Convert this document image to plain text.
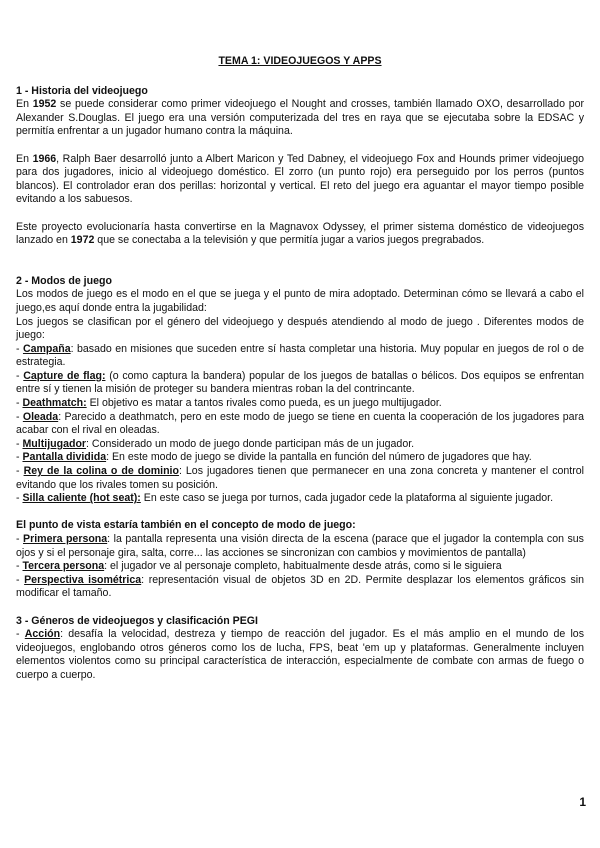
TEMA 1: VIDEOJUEGOS Y APPS
1 - Historia del videojuego

En 1952 se puede considerar como primer videojuego el Nought and crosses, también llamado OXO, desarrollado por Alexander S.Douglas. El juego era una versión computerizada del tres en raya que se ejecutaba sobre la EDSAC y permitía enfrentar a un jugador humano contra la máquina.

En 1966, Ralph Baer desarrolló junto a Albert Maricon y Ted Dabney, el videojuego Fox and Hounds primer videojuego para dos jugadores, inicio al videojuego doméstico. El zorro (un punto rojo) era perseguido por los perros (puntos blancos). El controlador eran dos perillas: horizontal y vertical. El reto del juego era aguantar el mayor tiempo posible evitando a los sabuesos.

Este proyecto evolucionaría hasta convertirse en la Magnavox Odyssey, el primer sistema doméstico de videojuegos lanzado en 1972 que se conectaba a la televisión y que permitía jugar a varios juegos pregrabados.

2 - Modos de juego

Los modos de juego es el modo en el que se juega y el punto de mira adoptado. Determinan cómo se llevará a cabo el juego,es aquí donde entra la jugabilidad:

Los juegos se clasifican por el género del videojuego y después atendiendo al modo de juego . Diferentes modos de juego:

- Campaña: basado en misiones que suceden entre sí hasta completar una historia. Muy popular en juegos de rol o de estrategia.

- Capture de flag: (o como captura la bandera) popular de los juegos de batallas o bélicos. Dos equipos se enfrentan entre sí y tienen la misión de proteger su bandera mientras roban la del contrincante.

- Deathmatch: El objetivo es matar a tantos rivales como pueda, es un juego multijugador.

- Oleada: Parecido a deathmatch, pero en este modo de juego se tiene en cuenta la cooperación de los jugadores para acabar con el rival en oleadas.

- Multijugador: Considerado un modo de juego donde participan más de un jugador.

- Pantalla dividida: En este modo de juego se divide la pantalla en función del número de jugadores que hay.

- Rey de la colina o de dominio: Los jugadores tienen que permanecer en una zona concreta y mantener el control evitando que los rivales tomen su posición.

- Silla caliente (hot seat): En este caso se juega por turnos, cada jugador cede la plataforma al siguiente jugador.

El punto de vista estaría también en el concepto de modo de juego:

- Primera persona: la pantalla representa una visión directa de la escena (parace que el jugador la contempla con sus ojos y si el personaje gira, salta, corre... las acciones se sincronizan con cambios y movimientos de pantalla)

- Tercera persona: el jugador ve al personaje completo, habitualmente desde atrás, como si le siguiera

- Perspectiva isométrica: representación visual de objetos 3D en 2D. Permite desplazar los elementos gráficos sin modificar el tamaño.

3 - Géneros de videojuegos y clasificación PEGI

- Acción: desafía la velocidad, destreza y tiempo de reacción del jugador. Es el más amplio en el mundo de los videojuegos, englobando otros géneros como los de lucha, FPS, beat 'em up y plataformas. Generalmente incluyen elementos violentos como su principal característica de interacción, especialmente de combate con armas de fuego o cuerpo a cuerpo.

1
